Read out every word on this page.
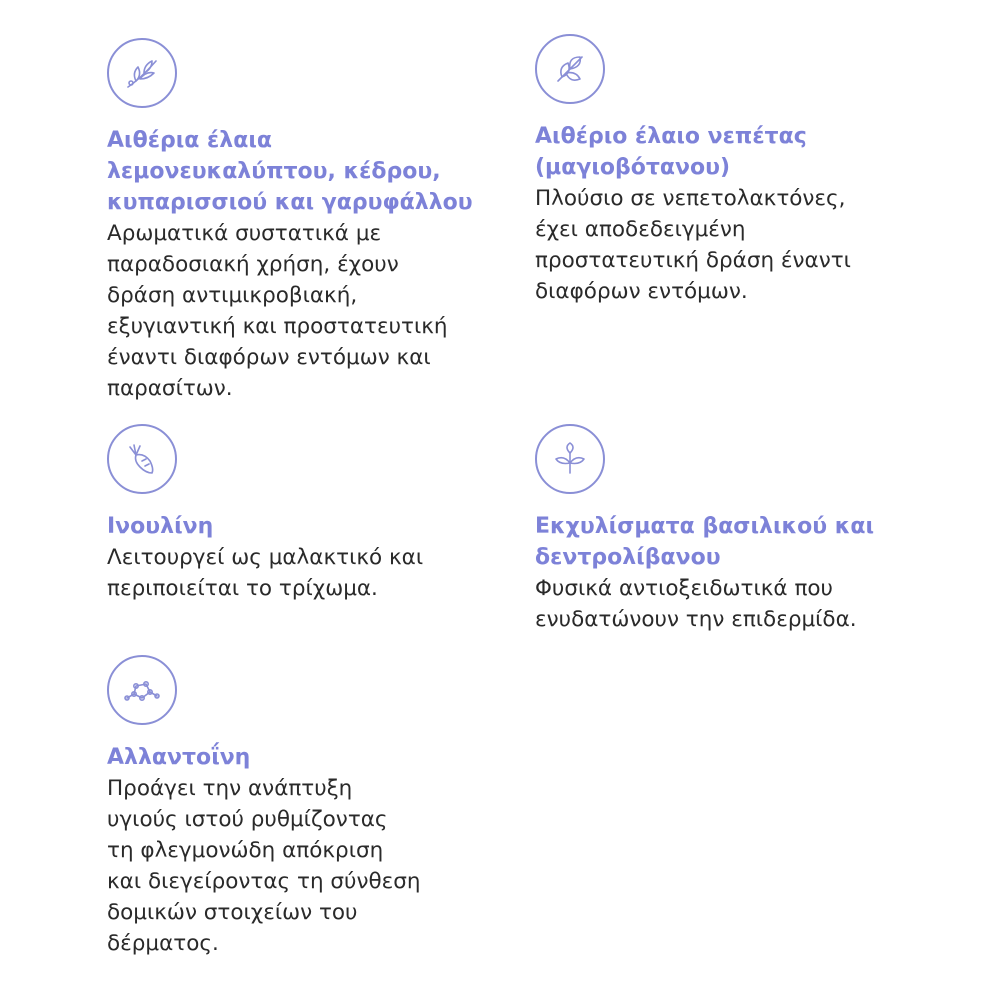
Αιθέρια έλαια
λεμονευκαλύπτου, κέδρου,
κυπαρισσιού και γαρυφάλλου

Αρωματικά συστατικά με
παραδοσιακή χρήση, έχουν
δράση αντιμικροβιακή,
εξυγιαντική και προστατευτική
έναντι διαφόρων εντόμων και
παρασίτων.

Αιθέριο έλαιο νεπέτας
(μαγιοβότανου)

Πλούσιο σε νεπετολακτόνες,
έχει αποδεδειγμένη
προστατευτική δράση έναντι
διαφόρων εντόμων.

Ινουλίνη

Λειτουργεί ως μαλακτικό και
περιποιείται το τρίχωμα.

Εκχυλίσματα βασιλικού και
δεντρολίβανου

Φυσικά αντιοξειδωτικά που
ενυδατώνουν την επιδερμίδα.

Αλλαντοΐνη

Προάγει την ανάπτυξη
υγιούς ιστού ρυθμίζοντας
τη φλεγμονώδη απόκριση
και διεγείροντας τη σύνθεση
δομικών στοιχείων του
δέρματος.
